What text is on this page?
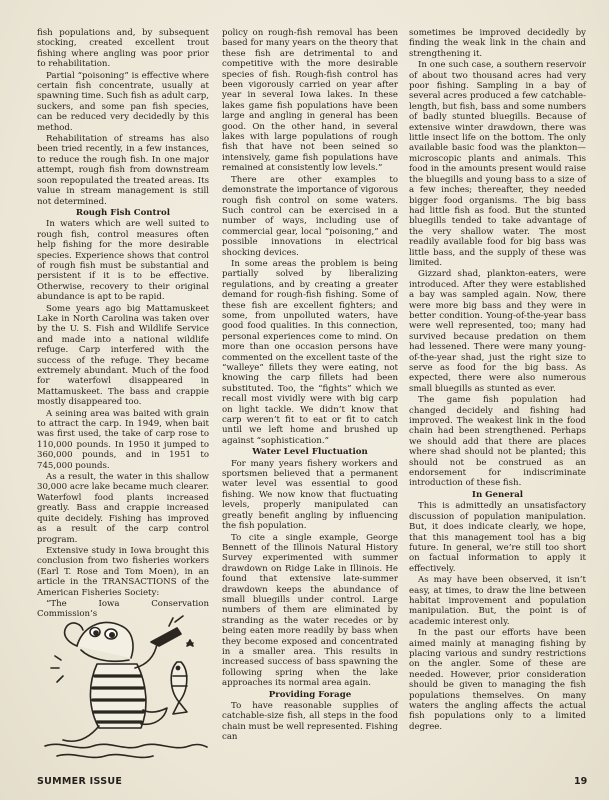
fish populations and, by subsequent stocking, created excellent trout fishing where angling was poor prior to rehabilitation.

Partial “poisoning” is effective where certain fish concentrate, usually at spawning time. Such fish as adult carp, suckers, and some pan fish species, can be reduced very decidedly by this method.

Rehabilitation of streams has also been tried recently, in a few instances, to reduce the rough fish. In one major attempt, rough fish from downstream soon repopulated the treated areas. Its value in stream management is still not determined.

Rough Fish Control

In waters which are well suited to rough fish, control measures often help fishing for the more desirable species. Experience shows that control of rough fish must be substantial and persistent if it is to be effective. Otherwise, recovery to their original abundance is apt to be rapid.

Some years ago big Mattamuskeet Lake in North Carolina was taken over by the U. S. Fish and Wildlife Service and made into a national wildlife refuge. Carp interfered with the success of the refuge. They became extremely abundant. Much of the food for waterfowl disappeared in Mattamuskeet. The bass and crappie mostly disappeared too.

A seining area was baited with grain to attract the carp. In 1949, when bait was first used, the take of carp rose to 110,000 pounds. In 1950 it jumped to 360,000 pounds, and in 1951 to 745,000 pounds.

As a result, the water in this shallow 30,000 acre lake became much clearer. Waterfowl food plants increased greatly. Bass and crappie increased quite decidely. Fishing has improved as a result of the carp control program.

Extensive study in Iowa brought this conclusion from two fisheries workers (Earl T. Rose and Tom Moen), in an article in the TRANSACTIONS of the American Fisheries Society:

“The Iowa Conservation Commission’s

policy on rough-fish removal has been based for many years on the theory that these fish are detrimental to and competitive with the more desirable species of fish. Rough-fish control has been vigorously carried on year after year in several Iowa lakes. In these lakes game fish populations have been large and angling in general has been good. On the other hand, in several lakes with large populations of rough fish that have not been seined so intensively, game fish populations have remained at consistently low levels.”

There are other examples to demonstrate the importance of vigorous rough fish control on some waters. Such control can be exercised in a number of ways, including use of commercial gear, local “poisoning,” and possible innovations in electrical shocking devices.

In some areas the problem is being partially solved by liberalizing regulations, and by creating a greater demand for rough-fish fishing. Some of these fish are excellent fighters; and some, from unpolluted waters, have good food qualities. In this connection, personal experiences come to mind. On more than one occasion persons have commented on the excellent taste of the “walleye” fillets they were eating, not knowing the carp fillets had been substituted. Too, the “fights” which we recall most vividly were with big carp on light tackle. We didn’t know that carp weren’t fit to eat or fit to catch until we left home and brushed up against “sophistication.”

Water Level Fluctuation

For many years fishery workers and sportsmen believed that a permanent water level was essential to good fishing. We now know that fluctuating levels, properly manipulated can greatly benefit angling by influencing the fish population.

To cite a single example, George Bennett of the Illinois Natural History Survey experimented with summer drawdown on Ridge Lake in Illinois. He found that extensive late-summer drawdown keeps the abundance of small bluegills under control. Large numbers of them are eliminated by stranding as the water recedes or by being eaten more readily by bass when they become exposed and concentrated in a smaller area. This results in increased success of bass spawning the following spring when the lake approaches its normal area again.

Providing Forage

To have reasonable supplies of catchable-size fish, all steps in the food chain must be well represented. Fishing can

sometimes be improved decidedly by finding the weak link in the chain and strengthening it.

In one such case, a southern reservoir of about two thousand acres had very poor fishing. Sampling in a bay of several acres produced a few catchable-length, but fish, bass and some numbers of badly stunted bluegills. Because of extensive winter drawdown, there was little insect life on the bottom. The only available basic food was the plankton—microscopic plants and animals. This food in the amounts present would raise the bluegills and young bass to a size of a few inches; thereafter, they needed bigger food organisms. The big bass had little fish as food. But the stunted bluegills tended to take advantage of the very shallow water. The most readily available food for big bass was little bass, and the supply of these was limited.

Gizzard shad, plankton-eaters, were introduced. After they were established a bay was sampled again. Now, there were more big bass and they were in better condition. Young-of-the-year bass were well represented, too; many had survived because predation on them had lessened. There were many young-of-the-year shad, just the right size to serve as food for the big bass. As expected, there were also numerous small bluegills as stunted as ever.

The game fish population had changed decidely and fishing had improved. The weakest link in the food chain had been strengthened. Perhaps we should add that there are places where shad should not be planted; this should not be construed as an endorsement for indiscriminate introduction of these fish.

In General

This is admittedly an unsatisfactory discussion of population manipulation. But, it does indicate clearly, we hope, that this management tool has a big future. In general, we’re still too short on factual information to apply it effectively.

As may have been observed, it isn’t easy, at times, to draw the line between habitat improvement and population manipulation. But, the point is of academic interest only.

In the past our efforts have been aimed mainly at managing fishing by placing various and sundry restrictions on the angler. Some of these are needed. However, prior consideration should be given to managing the fish populations themselves. On many waters the angling affects the actual fish populations only to a limited degree.

SUMMER ISSUE	19
